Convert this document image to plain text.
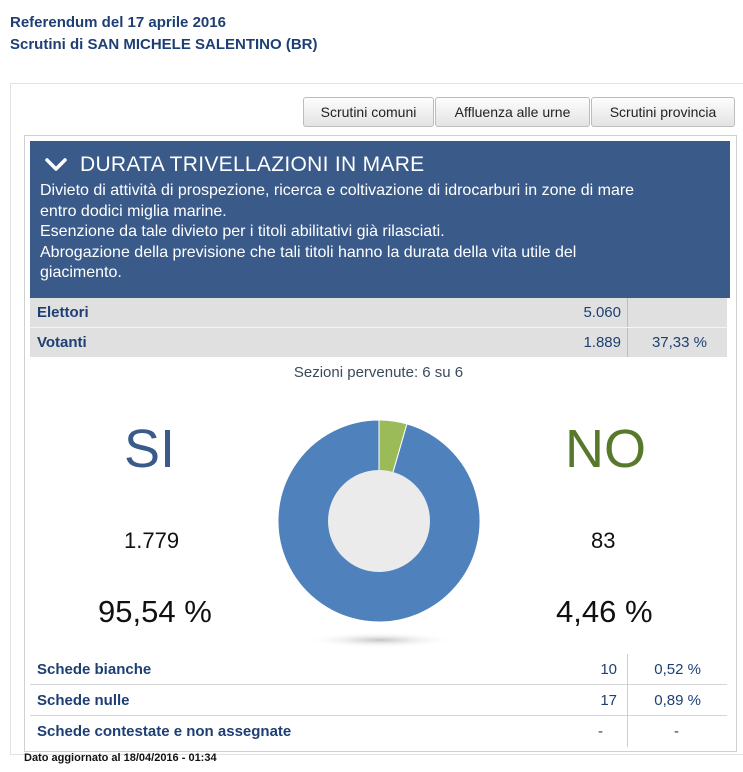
Referendum del 17 aprile 2016
Scrutini di SAN MICHELE SALENTINO (BR)
Scrutini comuni	Affluenza alle urne	Scrutini provincia
DURATA TRIVELLAZIONI IN MARE
Divieto di attività di prospezione, ricerca e coltivazione di idrocarburi in zone di mare
entro dodici miglia marine.
Esenzione da tale divieto per i titoli abilitativi già rilasciati.
Abrogazione della previsione che tali titoli hanno la durata della vita utile del
giacimento.
Elettori	5.060
Votanti	1.889 37,33 %
Sezioni pervenute: 6 su 6
SI	NO
1.779	83
95,54 %	4,46 %
Schede bianche	10 0,52 %
Schede nulle	17 0,89 %
Schede contestate e non assegnate	-	-
Dato aggiornato al 18/04/2016 - 01:34
